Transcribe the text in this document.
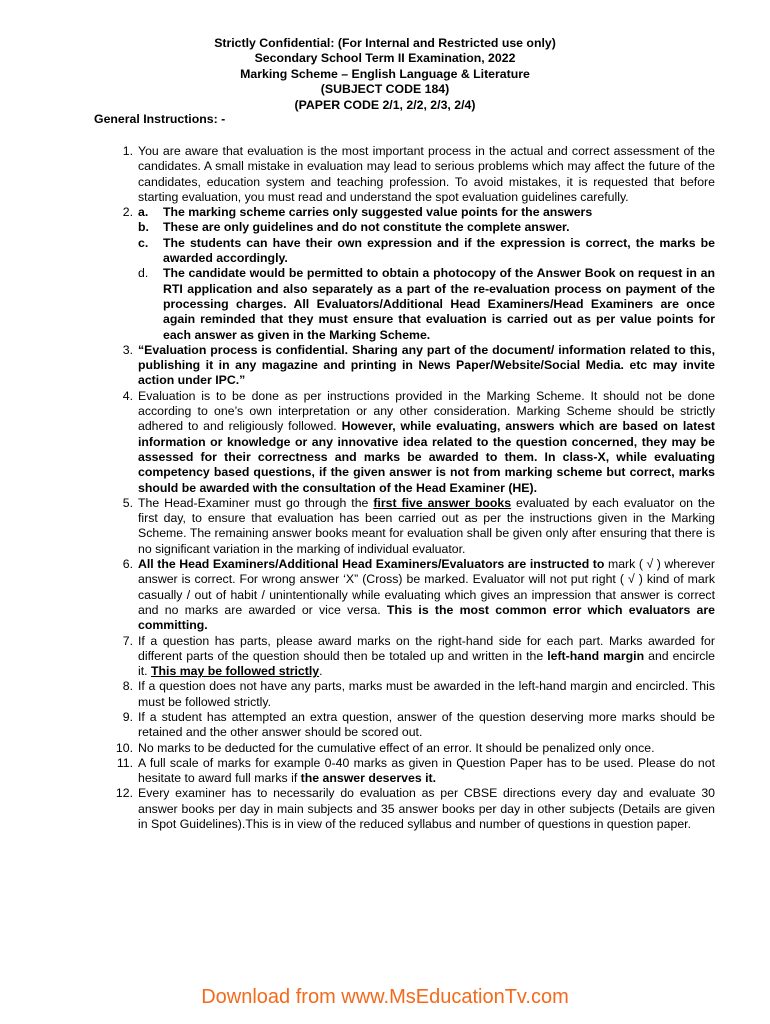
Strictly Confidential: (For Internal and Restricted use only)
Secondary School Term II Examination, 2022
Marking Scheme – English Language & Literature
(SUBJECT CODE 184)
(PAPER CODE 2/1, 2/2, 2/3, 2/4)
General Instructions: -
1. You are aware that evaluation is the most important process in the actual and correct assessment of the candidates. A small mistake in evaluation may lead to serious problems which may affect the future of the candidates, education system and teaching profession. To avoid mistakes, it is requested that before starting evaluation, you must read and understand the spot evaluation guidelines carefully.
2. a.	The marking scheme carries only suggested value points for the answers
b.	These are only guidelines and do not constitute the complete answer.
c.	The students can have their own expression and if the expression is correct, the marks be awarded accordingly.
d.	The candidate would be permitted to obtain a photocopy of the Answer Book on request in an RTI application and also separately as a part of the re-evaluation process on payment of the processing charges. All Evaluators/Additional Head Examiners/Head Examiners are once again reminded that they must ensure that evaluation is carried out as per value points for each answer as given in the Marking Scheme.
3. “Evaluation process is confidential. Sharing any part of the document/ information related to this, publishing it in any magazine and printing in News Paper/Website/Social Media. etc may invite action under IPC.”
4. Evaluation is to be done as per instructions provided in the Marking Scheme. It should not be done according to one’s own interpretation or any other consideration. Marking Scheme should be strictly adhered to and religiously followed. However, while evaluating, answers which are based on latest information or knowledge or any innovative idea related to the question concerned, they may be assessed for their correctness and marks be awarded to them. In class-X, while evaluating competency based questions, if the given answer is not from marking scheme but correct, marks should be awarded with the consultation of the Head Examiner (HE).
5. The Head-Examiner must go through the first five answer books evaluated by each evaluator on the first day, to ensure that evaluation has been carried out as per the instructions given in the Marking Scheme. The remaining answer books meant for evaluation shall be given only after ensuring that there is no significant variation in the marking of individual evaluator.
6. All the Head Examiners/Additional Head Examiners/Evaluators are instructed to mark ( √ ) wherever answer is correct. For wrong answer ‘X” (Cross) be marked. Evaluator will not put right ( √ ) kind of mark casually / out of habit / unintentionally while evaluating which gives an impression that answer is correct and no marks are awarded or vice versa. This is the most common error which evaluators are committing.
7. If a question has parts, please award marks on the right-hand side for each part. Marks awarded for different parts of the question should then be totaled up and written in the left-hand margin and encircle it. This may be followed strictly.
8. If a question does not have any parts, marks must be awarded in the left-hand margin and encircled. This must be followed strictly.
9. If a student has attempted an extra question, answer of the question deserving more marks should be retained and the other answer should be scored out.
10. No marks to be deducted for the cumulative effect of an error. It should be penalized only once.
11. A full scale of marks for example 0-40 marks as given in Question Paper has to be used. Please do not hesitate to award full marks if the answer deserves it.
12. Every examiner has to necessarily do evaluation as per CBSE directions every day and evaluate 30 answer books per day in main subjects and 35 answer books per day in other subjects (Details are given in Spot Guidelines).This is in view of the reduced syllabus and number of questions in question paper.
Download from www.MsEducationTv.com
